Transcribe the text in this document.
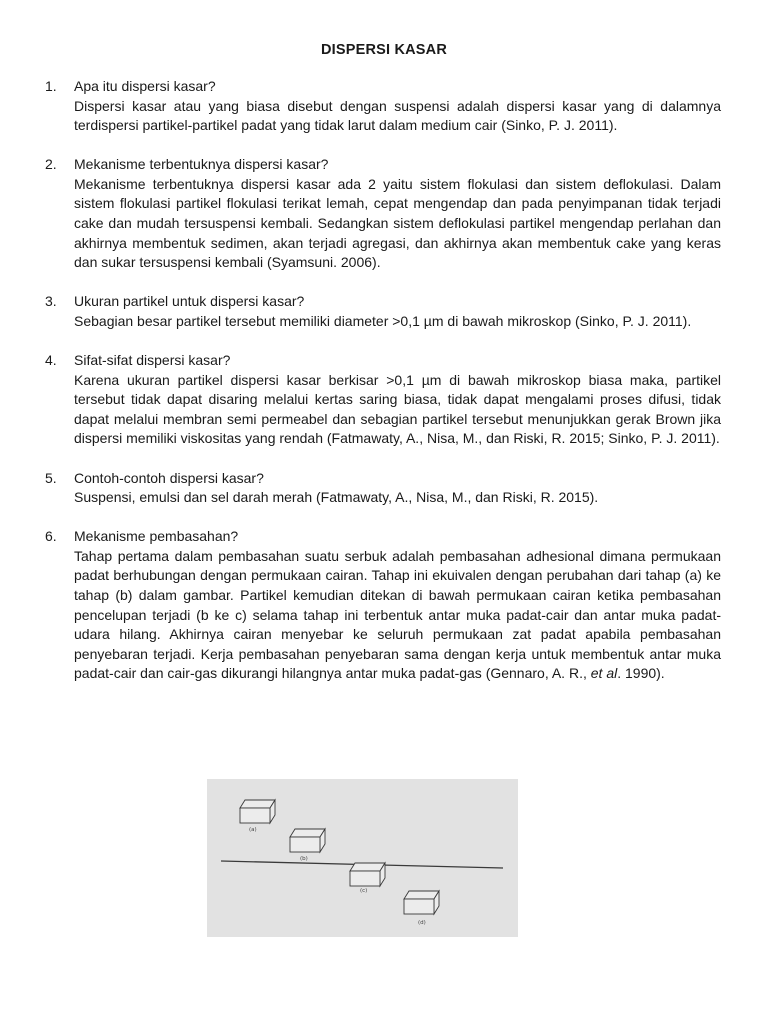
DISPERSI KASAR
1. Apa itu dispersi kasar?
Dispersi kasar atau yang biasa disebut dengan suspensi adalah dispersi kasar yang di dalamnya terdispersi partikel-partikel padat yang tidak larut dalam medium cair (Sinko, P. J. 2011).
2. Mekanisme terbentuknya dispersi kasar?
Mekanisme terbentuknya dispersi kasar ada 2 yaitu sistem flokulasi dan sistem deflokulasi. Dalam sistem flokulasi partikel flokulasi terikat lemah, cepat mengendap dan pada penyimpanan tidak terjadi cake dan mudah tersuspensi kembali. Sedangkan sistem deflokulasi partikel mengendap perlahan dan akhirnya membentuk sedimen, akan terjadi agregasi, dan akhirnya akan membentuk cake yang keras dan sukar tersuspensi kembali (Syamsuni. 2006).
3. Ukuran partikel untuk dispersi kasar?
Sebagian besar partikel tersebut memiliki diameter >0,1 µm di bawah mikroskop (Sinko, P. J. 2011).
4. Sifat-sifat dispersi kasar?
Karena ukuran partikel dispersi kasar berkisar >0,1 µm di bawah mikroskop biasa maka, partikel tersebut tidak dapat disaring melalui kertas saring biasa, tidak dapat mengalami proses difusi, tidak dapat melalui membran semi permeabel dan sebagian partikel tersebut menunjukkan gerak Brown jika dispersi memiliki viskositas yang rendah (Fatmawaty, A., Nisa, M., dan Riski, R. 2015; Sinko, P. J. 2011).
5. Contoh-contoh dispersi kasar?
Suspensi, emulsi dan sel darah merah (Fatmawaty, A., Nisa, M., dan Riski, R. 2015).
6. Mekanisme pembasahan?
Tahap pertama dalam pembasahan suatu serbuk adalah pembasahan adhesional dimana permukaan padat berhubungan dengan permukaan cairan. Tahap ini ekuivalen dengan perubahan dari tahap (a) ke tahap (b) dalam gambar. Partikel kemudian ditekan di bawah permukaan cairan ketika pembasahan pencelupan terjadi (b ke c) selama tahap ini terbentuk antar muka padat-cair dan antar muka padat-udara hilang. Akhirnya cairan menyebar ke seluruh permukaan zat padat apabila pembasahan penyebaran terjadi. Kerja pembasahan penyebaran sama dengan kerja untuk membentuk antar muka padat-cair dan cair-gas dikurangi hilangnya antar muka padat-gas (Gennaro, A. R., et al. 1990).
(a)
(b)
(c)
(d)
